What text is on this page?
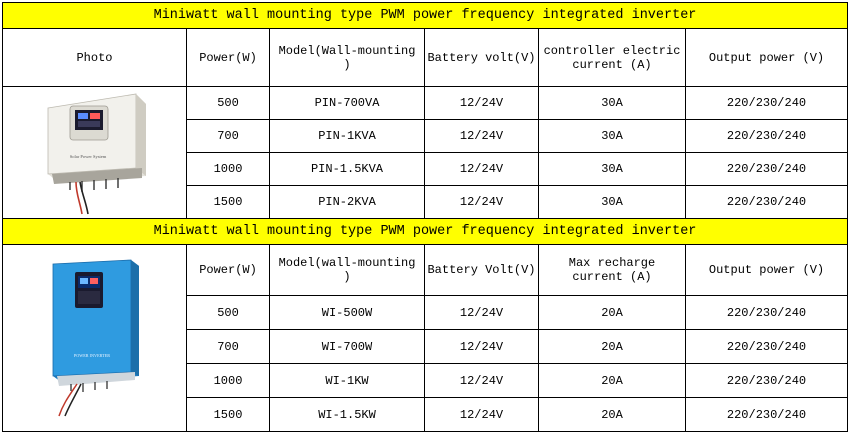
Miniwatt wall mounting type PWM power frequency integrated inverter					
Photo	Power(W)	Model(Wall-mounting )	Battery volt(V)	controller electric current (A)	Output power (V)

Solar Power System	500	PIN-700VA	12/24V	30A	220/230/240
	700	PIN-1KVA	12/24V	30A	220/230/240
	1000	PIN-1.5KVA	12/24V	30A	220/230/240
	1500	PIN-2KVA	12/24V	30A	220/230/240
Miniwatt wall mounting type PWM power frequency integrated inverter					

POWER INVERTER	Power(W)	Model(wall-mounting )	Battery Volt(V)	Max recharge current (A)	Output power (V)
	500	WI-500W	12/24V	20A	220/230/240
	700	WI-700W	12/24V	20A	220/230/240
	1000	WI-1KW	12/24V	20A	220/230/240
	1500	WI-1.5KW	12/24V	20A	220/230/240
